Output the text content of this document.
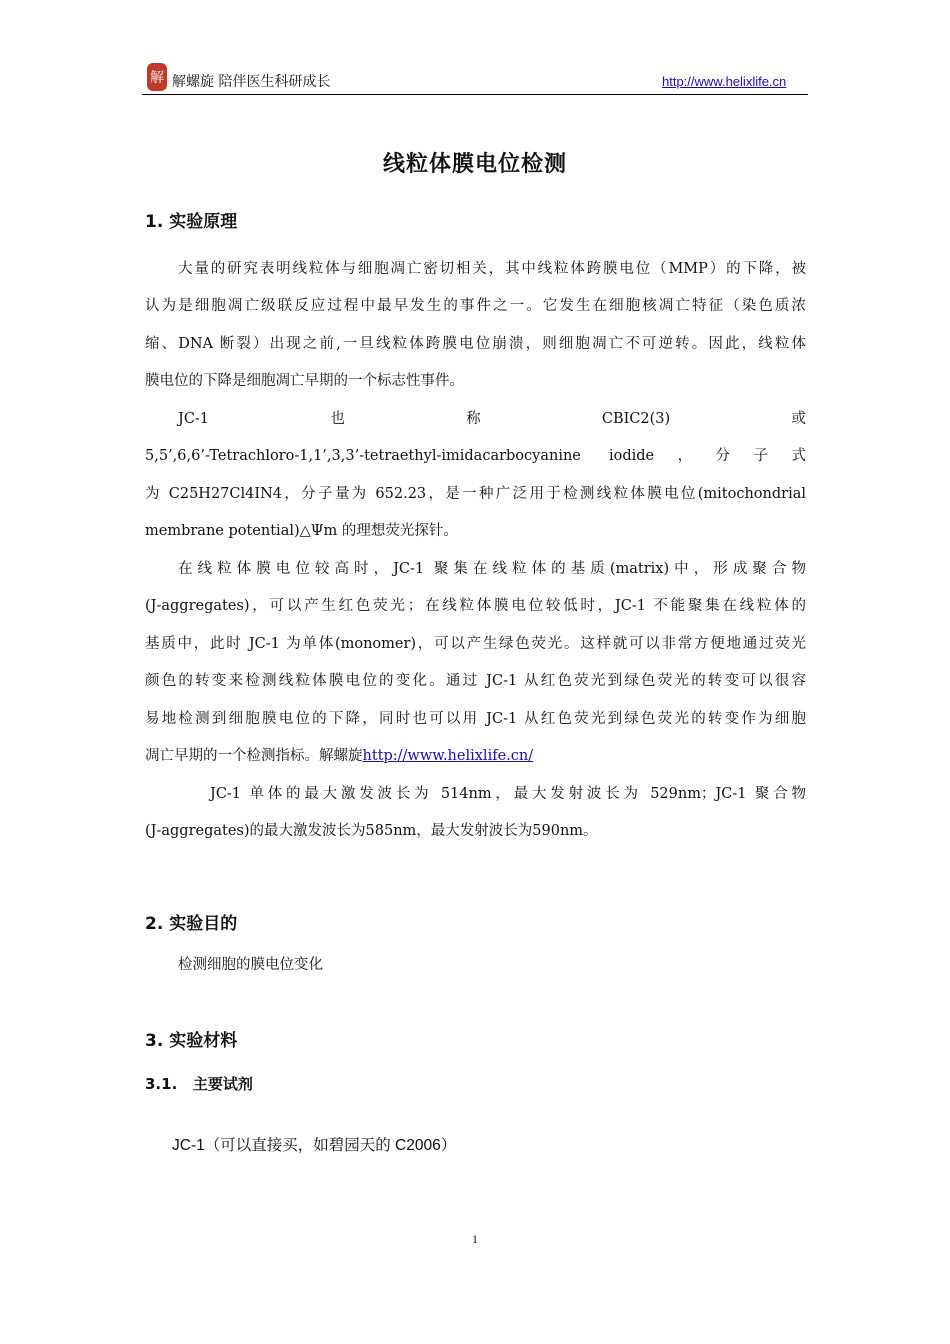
解 解螺旋 陪伴医生科研成长	http://www.helixlife.cn
线粒体膜电位检测
1. 实验原理
大量的研究表明线粒体与细胞凋亡密切相关，其中线粒体跨膜电位（MMP）的下降，被
认为是细胞凋亡级联反应过程中最早发生的事件之一。它发生在细胞核凋亡特征（染色质浓
缩、DNA 断裂）出现之前,一旦线粒体跨膜电位崩溃，则细胞凋亡不可逆转。因此，线粒体
膜电位的下降是细胞凋亡早期的一个标志性事件。
JC-1	也	称	CBIC2(3)	或
5,5’,6,6’-Tetrachloro-1,1’,3,3’-tetraethyl-imidacarbocyanine iodide，分子式
为 C25H27Cl4IN4，分子量为 652.23，是一种广泛用于检测线粒体膜电位(mitochondrial
membrane potential)△Ψm 的理想荧光探针。
在线粒体膜电位较高时，JC-1 聚集在线粒体的基质(matrix)中，形成聚合物
(J-aggregates)，可以产生红色荧光；在线粒体膜电位较低时，JC-1 不能聚集在线粒体的
基质中，此时 JC-1 为单体(monomer)，可以产生绿色荧光。这样就可以非常方便地通过荧光
颜色的转变来检测线粒体膜电位的变化。通过 JC-1 从红色荧光到绿色荧光的转变可以很容
易地检测到细胞膜电位的下降，同时也可以用 JC-1 从红色荧光到绿色荧光的转变作为细胞
凋亡早期的一个检测指标。解螺旋http://www.helixlife.cn/
JC-1 单体的最大激发波长为 514nm，最大发射波长为 529nm；JC-1 聚合物
(J-aggregates)的最大激发波长为585nm，最大发射波长为590nm。
2. 实验目的
检测细胞的膜电位变化
3. 实验材料
3.1.   主要试剂
JC-1（可以直接买，如碧园天的 C2006）
1
